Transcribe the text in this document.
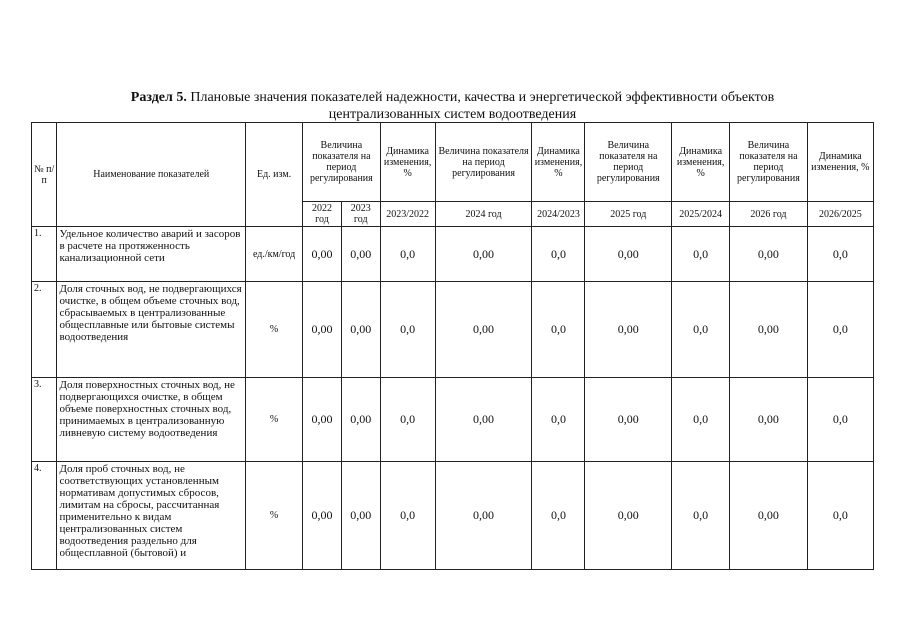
Раздел 5. Плановые значения показателей надежности, качества и энергетической эффективности объектов
централизованных систем водоотведения
№ п/п	Наименование показателей	Ед. изм.	Величина показателя на период регулирования		Динамика изменения, %	Величина показателя на период регулирования	Динамика изменения, %	Величина показателя на период регулирования	Динамика изменения, %	Величина показателя на период регулирования	Динамика изменения, %
			2022 год	2023 год	2023/2022	2024 год	2024/2023	2025 год	2025/2024	2026 год	2026/2025
1.	Удельное количество аварий и засоров в расчете на протяженность канализационной сети	ед./км/год	0,00	0,00	0,0	0,00	0,0	0,00	0,0	0,00	0,0
2.	Доля сточных вод, не подвергающихся очистке, в общем объеме сточных вод, сбрасываемых в централизованные общесплавные или бытовые системы водоотведения	%	0,00	0,00	0,0	0,00	0,0	0,00	0,0	0,00	0,0
3.	Доля поверхностных сточных вод, не подвергающихся очистке, в общем объеме поверхностных сточных вод, принимаемых в централизованную ливневую систему водоотведения	%	0,00	0,00	0,0	0,00	0,0	0,00	0,0	0,00	0,0
4.	Доля проб сточных вод, не соответствующих установленным нормативам допустимых сбросов, лимитам на сбросы, рассчитанная применительно к видам централизованных систем водоотведения раздельно для общесплавной (бытовой) и	%	0,00	0,00	0,0	0,00	0,0	0,00	0,0	0,00	0,0
